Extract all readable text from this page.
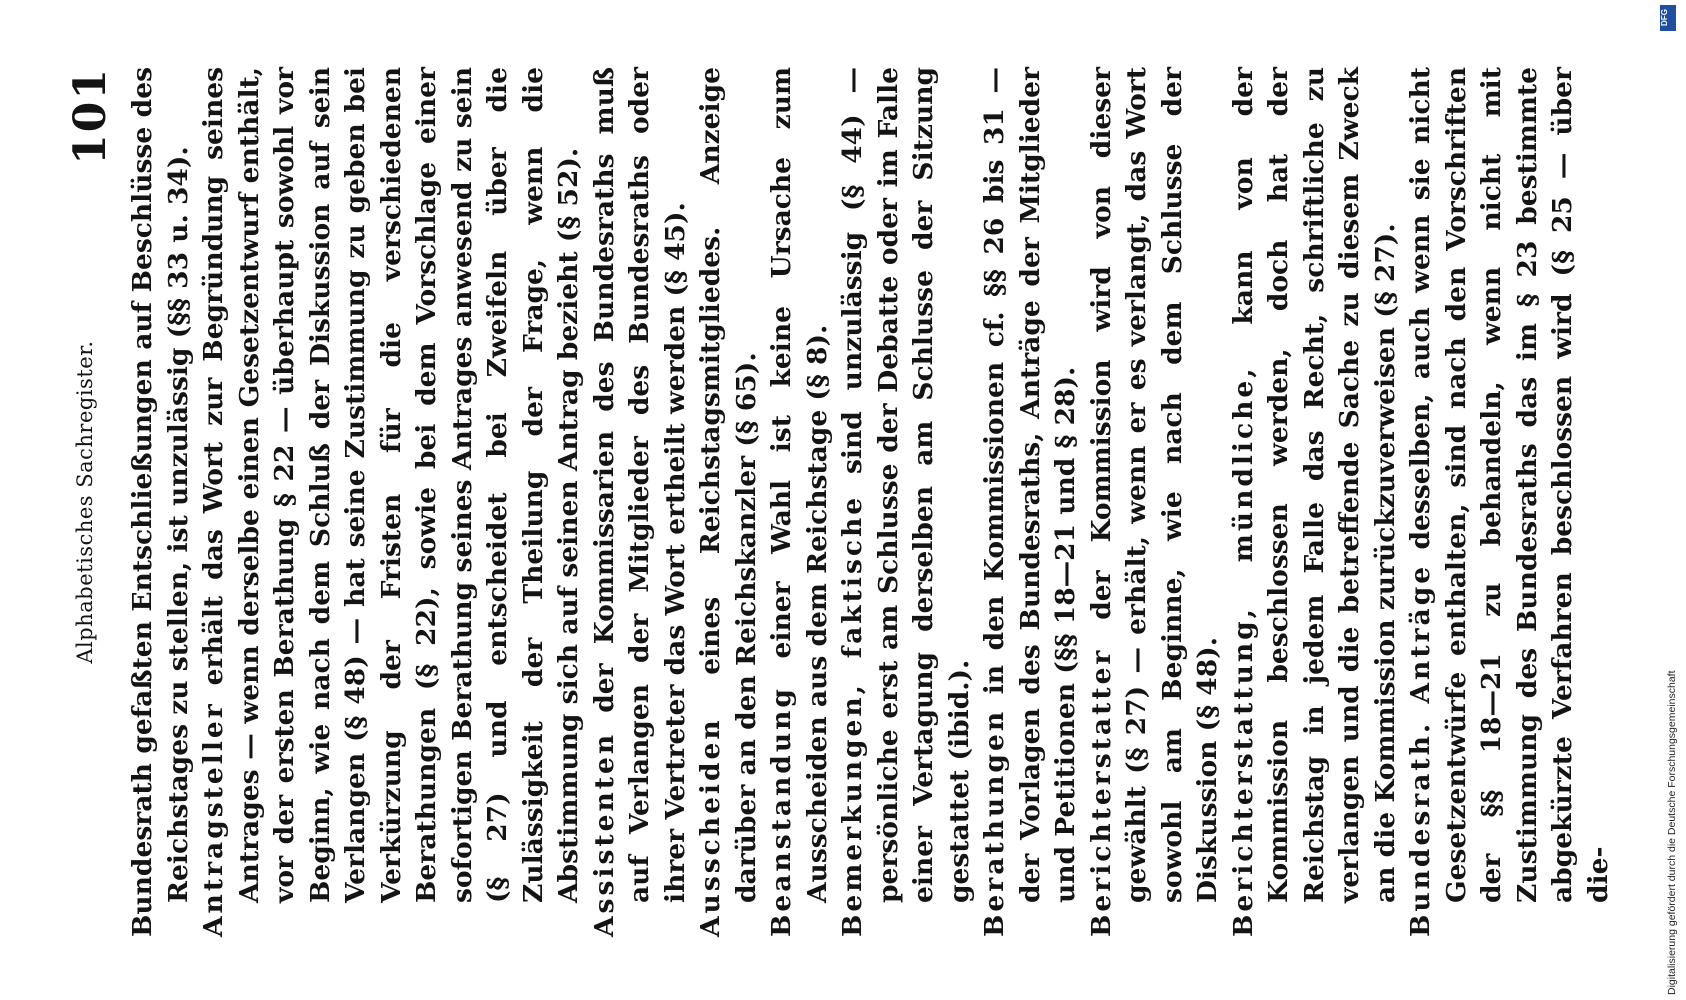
Alphabetisches Sachregister.
101 Bundesrath gefaßten Entschließungen auf Beschlüsse des Reichstages zu stellen, ist unzulässig (§§ 33 u. 34). Antragsteller erhält das Wort zur Begründung seines Antrages — wenn derselbe einen Gesetzentwurf enthält, vor der ersten Berathung § 22 — überhaupt sowohl vor Beginn, wie nach dem Schluß der Diskussion auf sein Verlangen (§ 48) — hat seine Zustimmung zu geben bei Verkürzung der Fristen für die verschiedenen Berathungen (§ 22), sowie bei dem Vorschlage einer sofortigen Berathung seines Antrages anwesend zu sein (§ 27) und entscheidet bei Zweifeln über die Zulässigkeit der Theilung der Frage, wenn die Abstimmung sich auf seinen Antrag bezieht (§ 52). Assistenten der Kommissarien des Bundesraths muß auf Verlangen der Mitglieder des Bundesraths oder ihrer Vertreter das Wort ertheilt werden (§ 45). Ausscheiden eines Reichstagsmitgliedes. Anzeige darüber an den Reichskanzler (§ 65). Beanstandung einer Wahl ist keine Ursache zum Ausscheiden aus dem Reichstage (§ 8). Bemerkungen, faktische sind unzulässig (§ 44) — persönliche erst am Schlusse der Debatte oder im Falle einer Vertagung derselben am Schlusse der Sitzung gestattet (ibid.). Berathungen in den Kommissionen cf. §§ 26 bis 31 — der Vorlagen des Bundesraths, Anträge der Mitglieder und Petitionen (§§ 18—21 und § 28). Berichterstatter der Kommission wird von dieser gewählt (§ 27) — erhält, wenn er es verlangt, das Wort sowohl am Beginne, wie nach dem Schlusse der Diskussion (§ 48). Berichterstattung, mündliche, kann von der Kommission beschlossen werden, doch hat der Reichstag in jedem Falle das Recht, schriftliche zu verlangen und die betreffende Sache zu diesem Zweck an die Kommission zurückzuverweisen (§ 27). Bundesrath. Anträge desselben, auch wenn sie nicht Gesetzentwürfe enthalten, sind nach den Vorschriften der §§ 18—21 zu behandeln, wenn nicht mit Zustimmung des Bundesraths das im § 23 bestimmte abgekürzte Verfahren beschlossen wird (§ 25 — über die-	Digitalisierung gefördert durch die Deutsche Forschungsgemeinschaft
DFG
